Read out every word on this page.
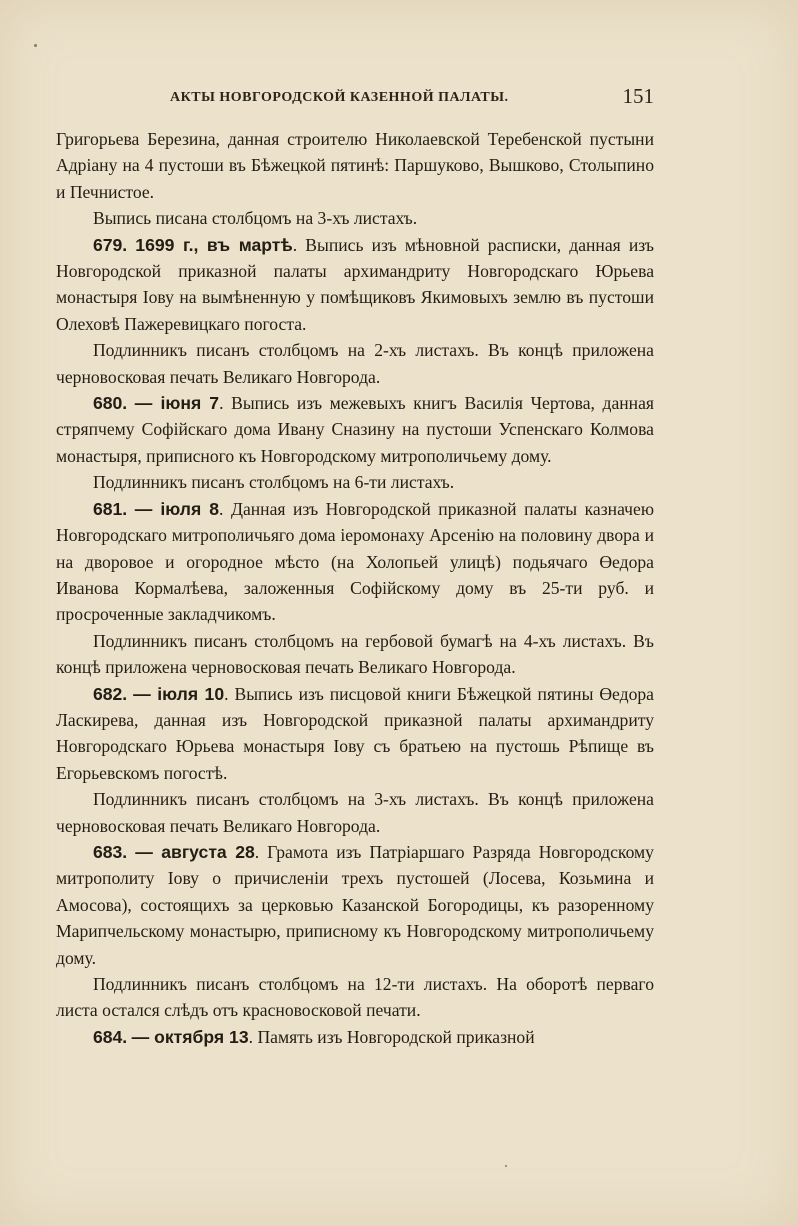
АКТЫ НОВГОРОДСКОЙ КАЗЕННОЙ ПАЛАТЫ.	151

Григорьева Березина, данная строителю Николаевской Теребенской пустыни Адріану на 4 пустоши въ Бѣжецкой пятинѣ: Паршуково, Вышково, Столыпино и Печнистое.

Выпись писана столбцомъ на 3-хъ листахъ.

679. 1699 г., въ мартѣ. Выпись изъ мѣновной расписки, данная изъ Новгородской приказной палаты архимандриту Новгородскаго Юрьева монастыря Іову на вымѣненную у помѣщиковъ Якимовыхъ землю въ пустоши Олеховѣ Пажеревицкаго погоста.

Подлинникъ писанъ столбцомъ на 2-хъ листахъ. Въ концѣ приложена черновосковая печать Великаго Новгорода.

680. — іюня 7. Выпись изъ межевыхъ книгъ Василія Чертова, данная стряпчему Софійскаго дома Ивану Сназину на пустоши Успенскаго Колмова монастыря, приписного къ Новгородскому митрополичьему дому.

Подлинникъ писанъ столбцомъ на 6-ти листахъ.

681. — іюля 8. Данная изъ Новгородской приказной палаты казначею Новгородскаго митрополичьяго дома іеромонаху Арсенію на половину двора и на дворовое и огородное мѣсто (на Холопьей улицѣ) подьячаго Өедора Иванова Кормалѣева, заложенныя Софійскому дому въ 25-ти руб. и просроченные закладчикомъ.

Подлинникъ писанъ столбцомъ на гербовой бумагѣ на 4-хъ листахъ. Въ концѣ приложена черновосковая печать Великаго Новгорода.

682. — іюля 10. Выпись изъ писцовой книги Бѣжецкой пятины Өедора Ласкирева, данная изъ Новгородской приказной палаты архимандриту Новгородскаго Юрьева монастыря Іову съ братьею на пустошь Рѣпище въ Егорьевскомъ погостѣ.

Подлинникъ писанъ столбцомъ на 3-хъ листахъ. Въ концѣ приложена черновосковая печать Великаго Новгорода.

683. — августа 28. Грамота изъ Патріаршаго Разряда Новгородскому митрополиту Іову о причисленіи трехъ пустошей (Лосева, Козьмина и Амосова), состоящихъ за церковью Казанской Богородицы, къ разоренному Марипчельскому монастырю, приписному къ Новгородскому митрополичьему дому.

Подлинникъ писанъ столбцомъ на 12-ти листахъ. На оборотѣ перваго листа остался слѣдъ отъ красновосковой печати.

684. — октября 13. Память изъ Новгородской приказной
